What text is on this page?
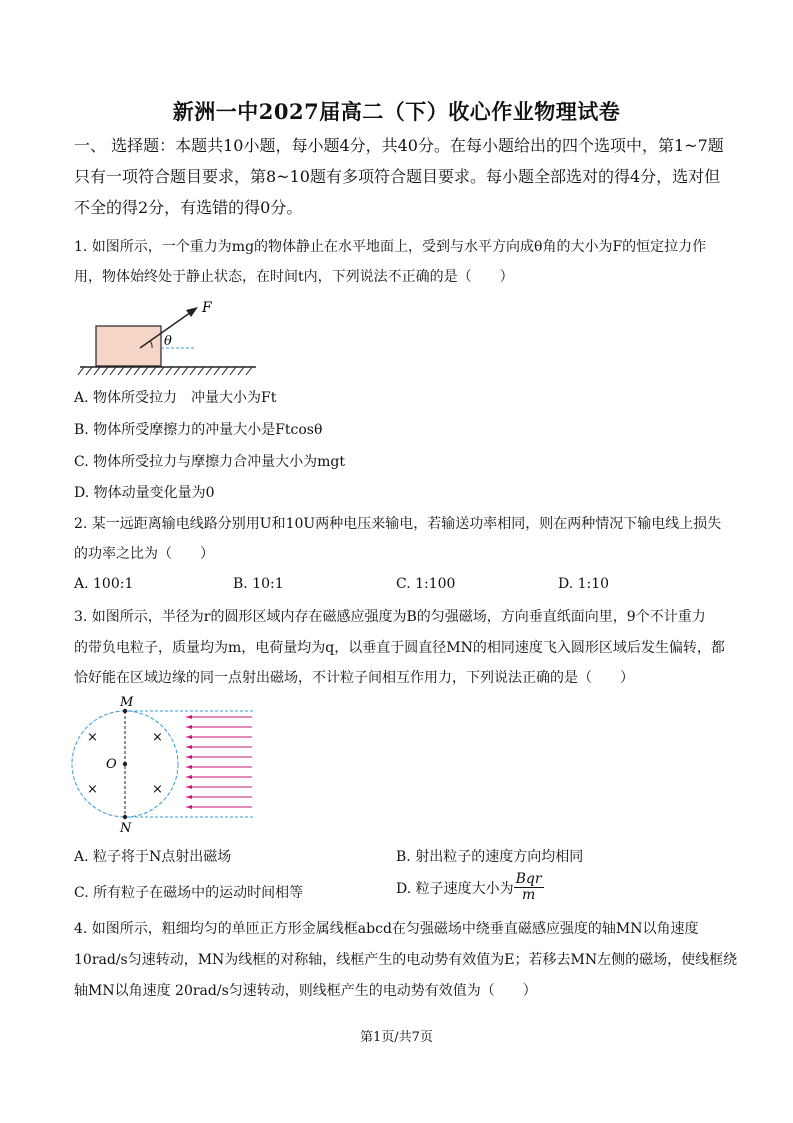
新洲一中2027届高二（下）收心作业物理试卷
一、 选择题：本题共10小题，每小题4分，共40分。在每小题给出的四个选项中，第1~7题只有一项符合题目要求，第8~10题有多项符合题目要求。每小题全部选对的得4分，选对但不全的得2分，有选错的得0分。
1. 如图所示，一个重力为mg的物体静止在水平地面上，受到与水平方向成θ角的大小为F的恒定拉力作
用，物体始终处于静止状态，在时间t内，下列说法不正确的是（　　）
F
θ
A. 物体所受拉力　冲量大小为Ft
B. 物体所受摩擦力的冲量大小是Ftcosθ
C. 物体所受拉力与摩擦力合冲量大小为mgt
D. 物体动量变化量为0
2. 某一远距离输电线路分别用U和10U两种电压来输电，若输送功率相同，则在两种情况下输电线上损失
的功率之比为（　　）
A. 100:1	B. 10:1	C. 1:100	D. 1:10
3. 如图所示，半径为r的圆形区域内存在磁感应强度为B的匀强磁场，方向垂直纸面向里，9个不计重力
的带负电粒子，质量均为m，电荷量均为q，以垂直于圆直径MN的相同速度飞入圆形区域后发生偏转，都
恰好能在区域边缘的同一点射出磁场，不计粒子间相互作用力，下列说法正确的是（　　）
M
O
N
×	×
×	×
A. 粒子将于N点射出磁场	B. 射出粒子的速度方向均相同
C. 所有粒子在磁场中的运动时间相等	D. 粒子速度大小为 $\frac{\text{Bqr}}{m}$
4. 如图所示，粗细均匀的单匝正方形金属线框abcd在匀强磁场中绕垂直磁感应强度的轴MN以角速度
10rad/s匀速转动，MN为线框的对称轴，线框产生的电动势有效值为E；若移去MN左侧的磁场，使线框绕
轴MN以角速度 20rad/s匀速转动，则线框产生的电动势有效值为（　　）
第1页/共7页
